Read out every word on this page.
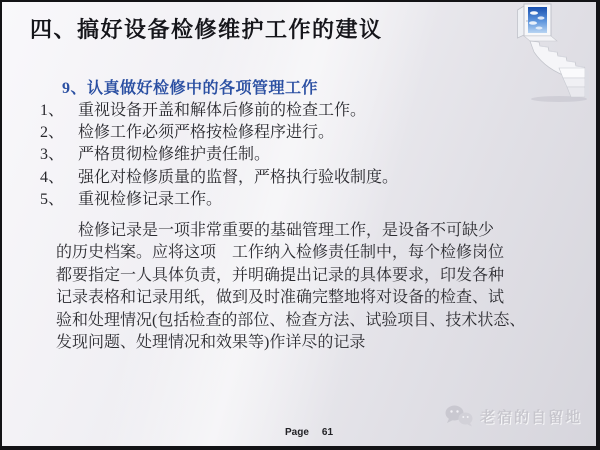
四、搞好设备检修维护工作的建议
9、认真做好检修中的各项管理工作
1、 重视设备开盖和解体后修前的检查工作。
2、 检修工作必须严格按检修程序进行。
3、 严格贯彻检修维护责任制。
4、 强化对检修质量的监督，严格执行验收制度。
5、 重视检修记录工作。
检修记录是一项非常重要的基础管理工作，是设备不可缺少
的历史档案。应将这项　工作纳入检修责任制中，每个检修岗位
都要指定一人具体负责，并明确提出记录的具体要求，印发各种
记录表格和记录用纸，做到及时准确完整地将对设备的检查、试
验和处理情况(包括检查的部位、检查方法、试验项目、技术状态、
发现问题、处理情况和效果等)作详尽的记录
Page 61
老宿的自留地
